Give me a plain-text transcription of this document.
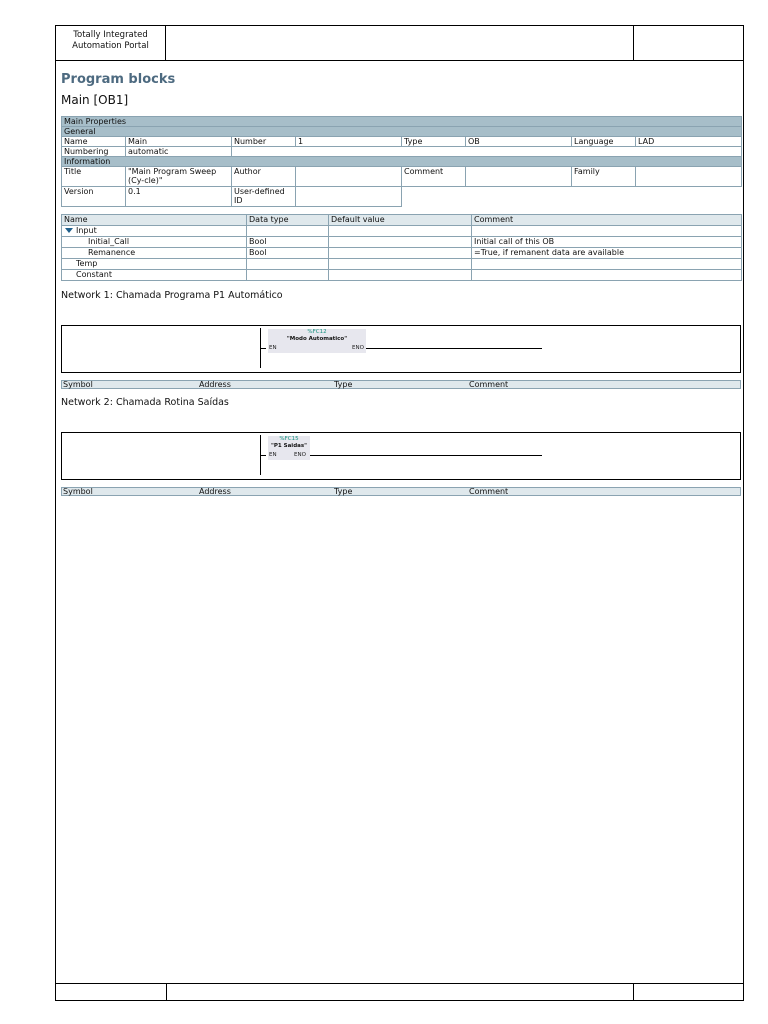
Totally Integrated
Automation Portal
Program blocks
Main [OB1]
Main Properties							
General							
Name	Main	Number	1	Type	OB	Language	LAD
Numbering	automatic						
Information							
Title	"Main Program Sweep (Cy-cle)"	Author		Comment		Family	
Version	0.1	User-defined ID					
Name	Data type	Default value	Comment
Input			
Initial_Call	Bool		Initial call of this OB
Remanence	Bool		=True, if remanent data are available
Temp			
Constant			
Network 1: Chamada Programa P1 Automático
%FC12
"Modo Automatico"
EN	ENO
Symbol	Address	Type	Comment
Network 2: Chamada Rotina Saídas
%FC15
"P1 Saidas"
EN	ENO
Symbol	Address	Type	Comment
